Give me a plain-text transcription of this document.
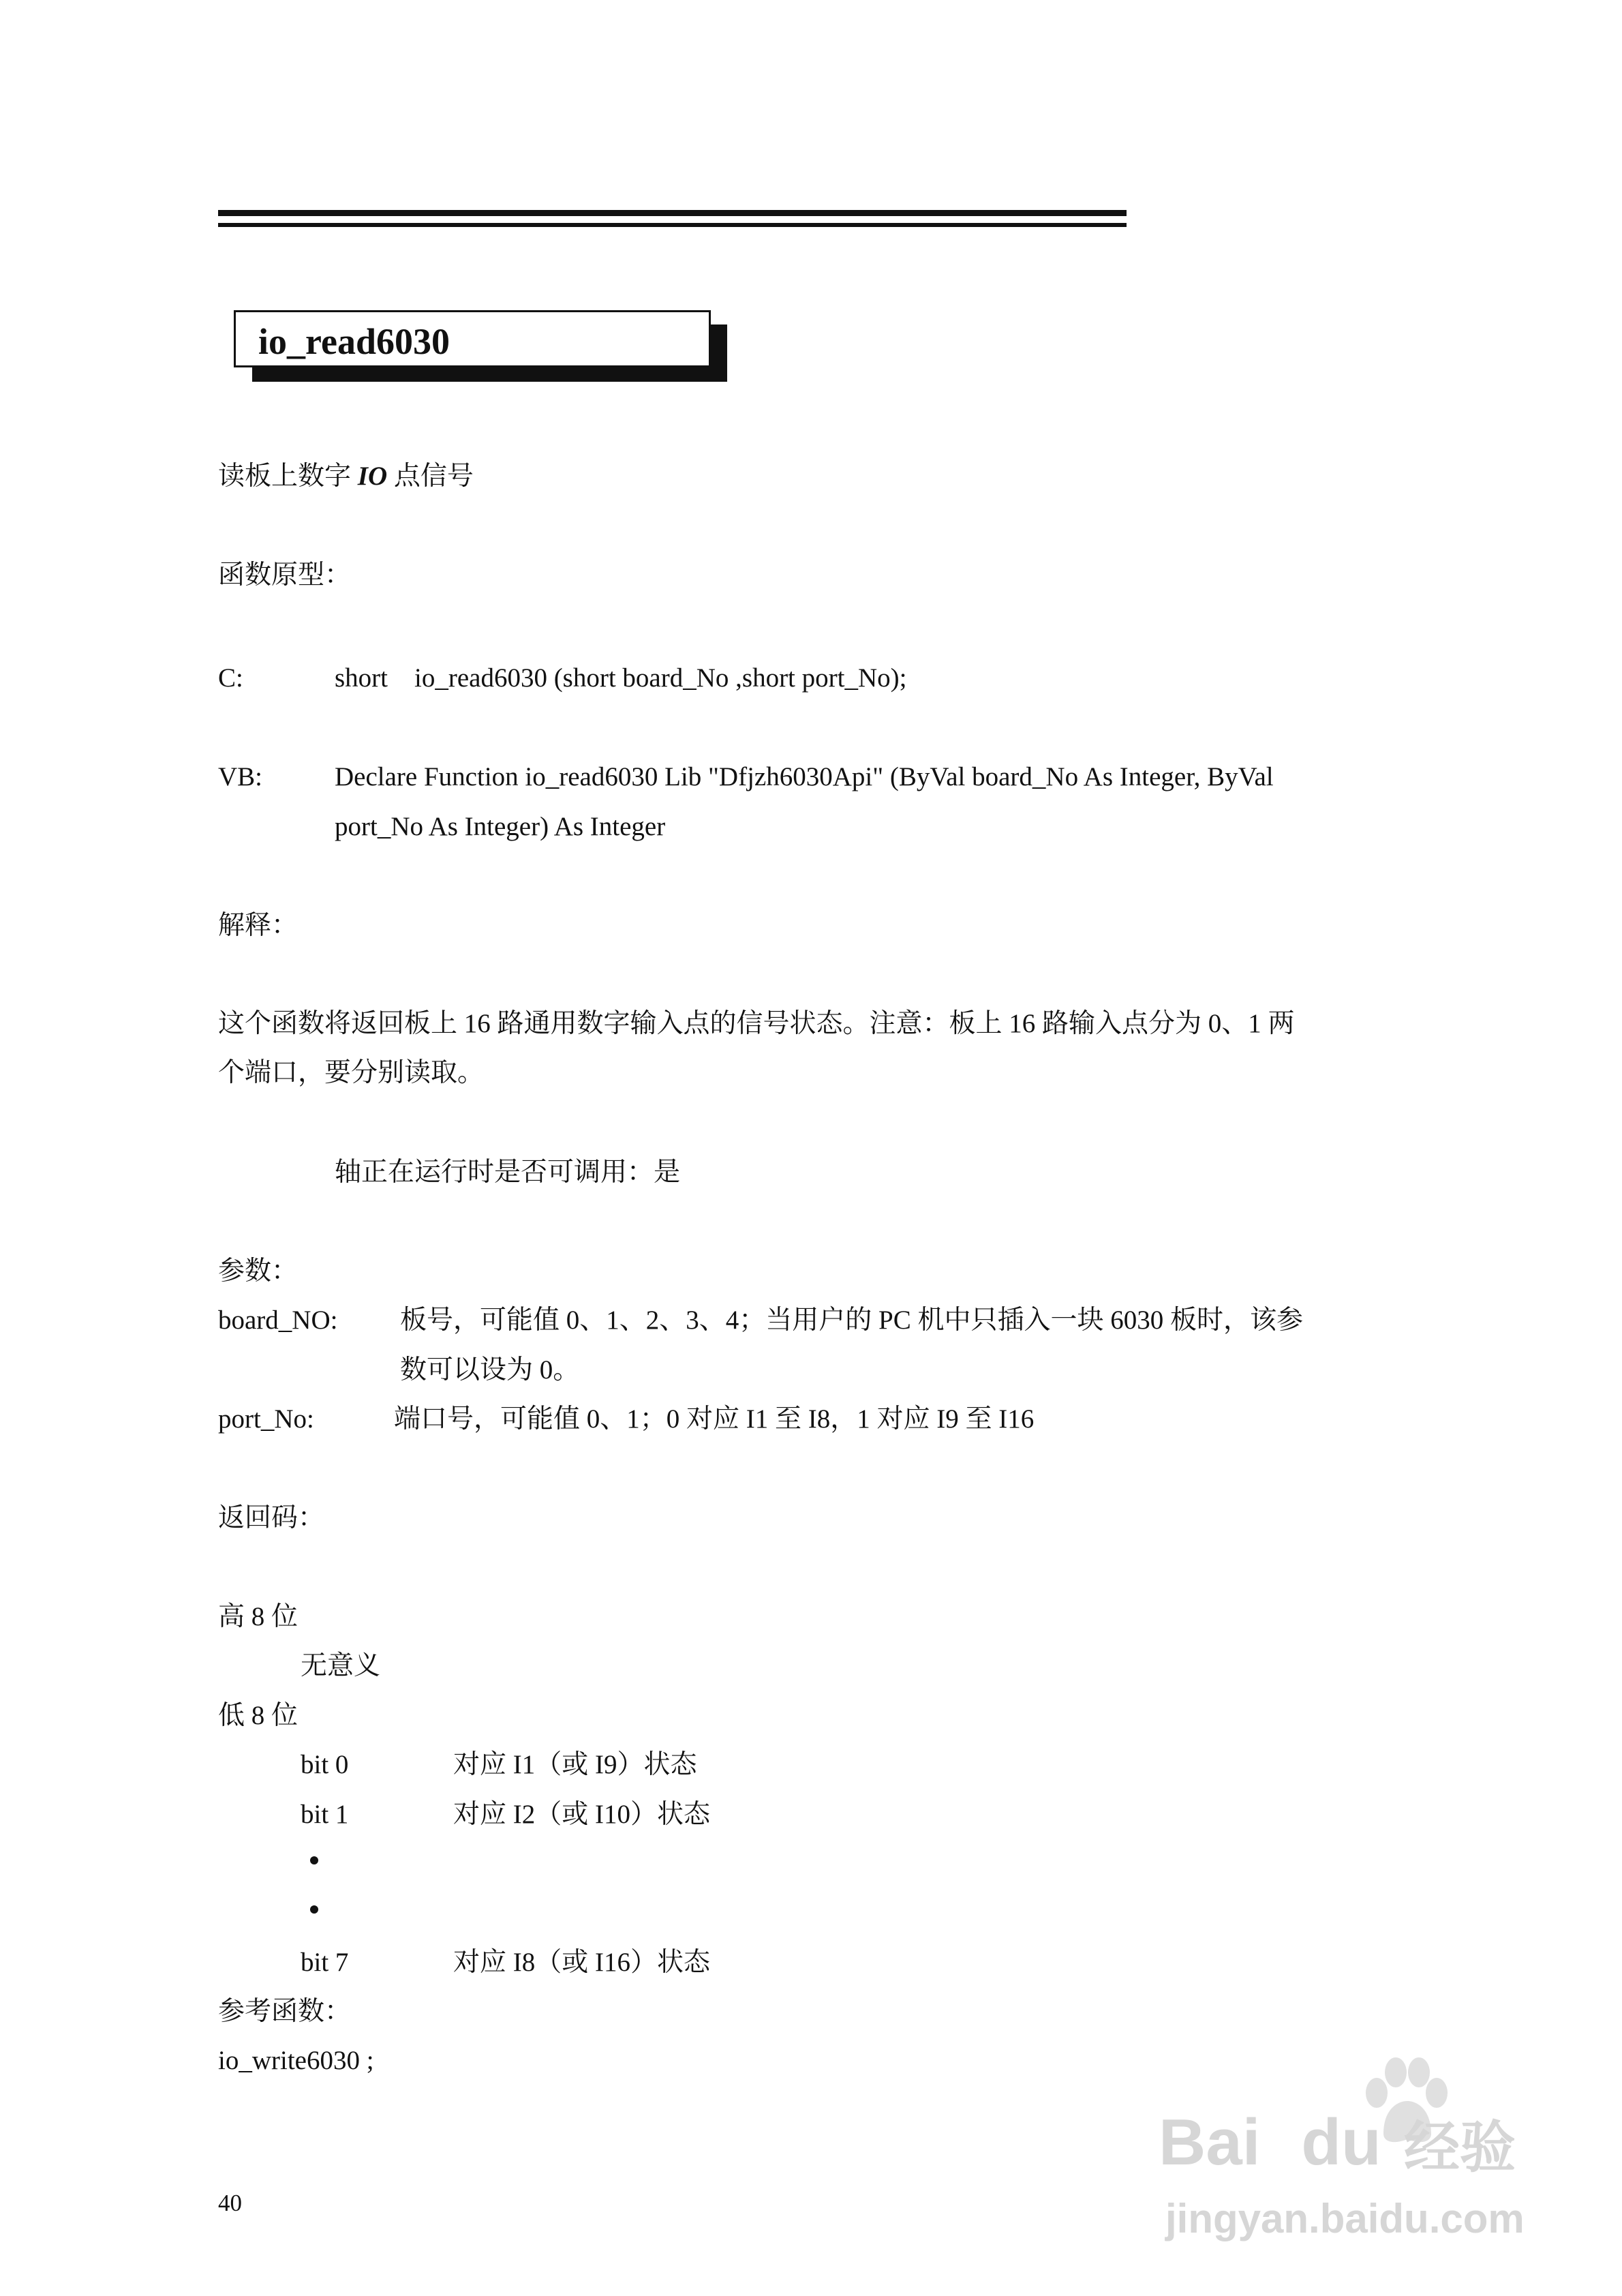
io_read6030
读板上数字 IO 点信号
函数原型：
C:	short    io_read6030 (short board_No ,short port_No);
VB:	Declare Function io_read6030 Lib "Dfjzh6030Api" (ByVal board_No As Integer, ByVal
port_No As Integer) As Integer
解释：
这个函数将返回板上 16 路通用数字输入点的信号状态。注意：板上 16 路输入点分为 0、1 两
个端口，要分别读取。
轴正在运行时是否可调用：是
参数：
board_NO: 板号，可能值 0、1、2、3、4；当用户的 PC 机中只插入一块 6030 板时，该参
数可以设为 0。
port_No:	端口号，可能值 0、1；0 对应 I1 至 I8，1 对应 I9 至 I16
返回码：
高 8 位
无意义
低 8 位
bit 0	对应 I1（或 I9）状态
bit 1	对应 I2（或 I10）状态
bit 7	对应 I8（或 I16）状态
参考函数：
io_write6030 ;
40
Bai du 经验
jingyan.baidu.com
